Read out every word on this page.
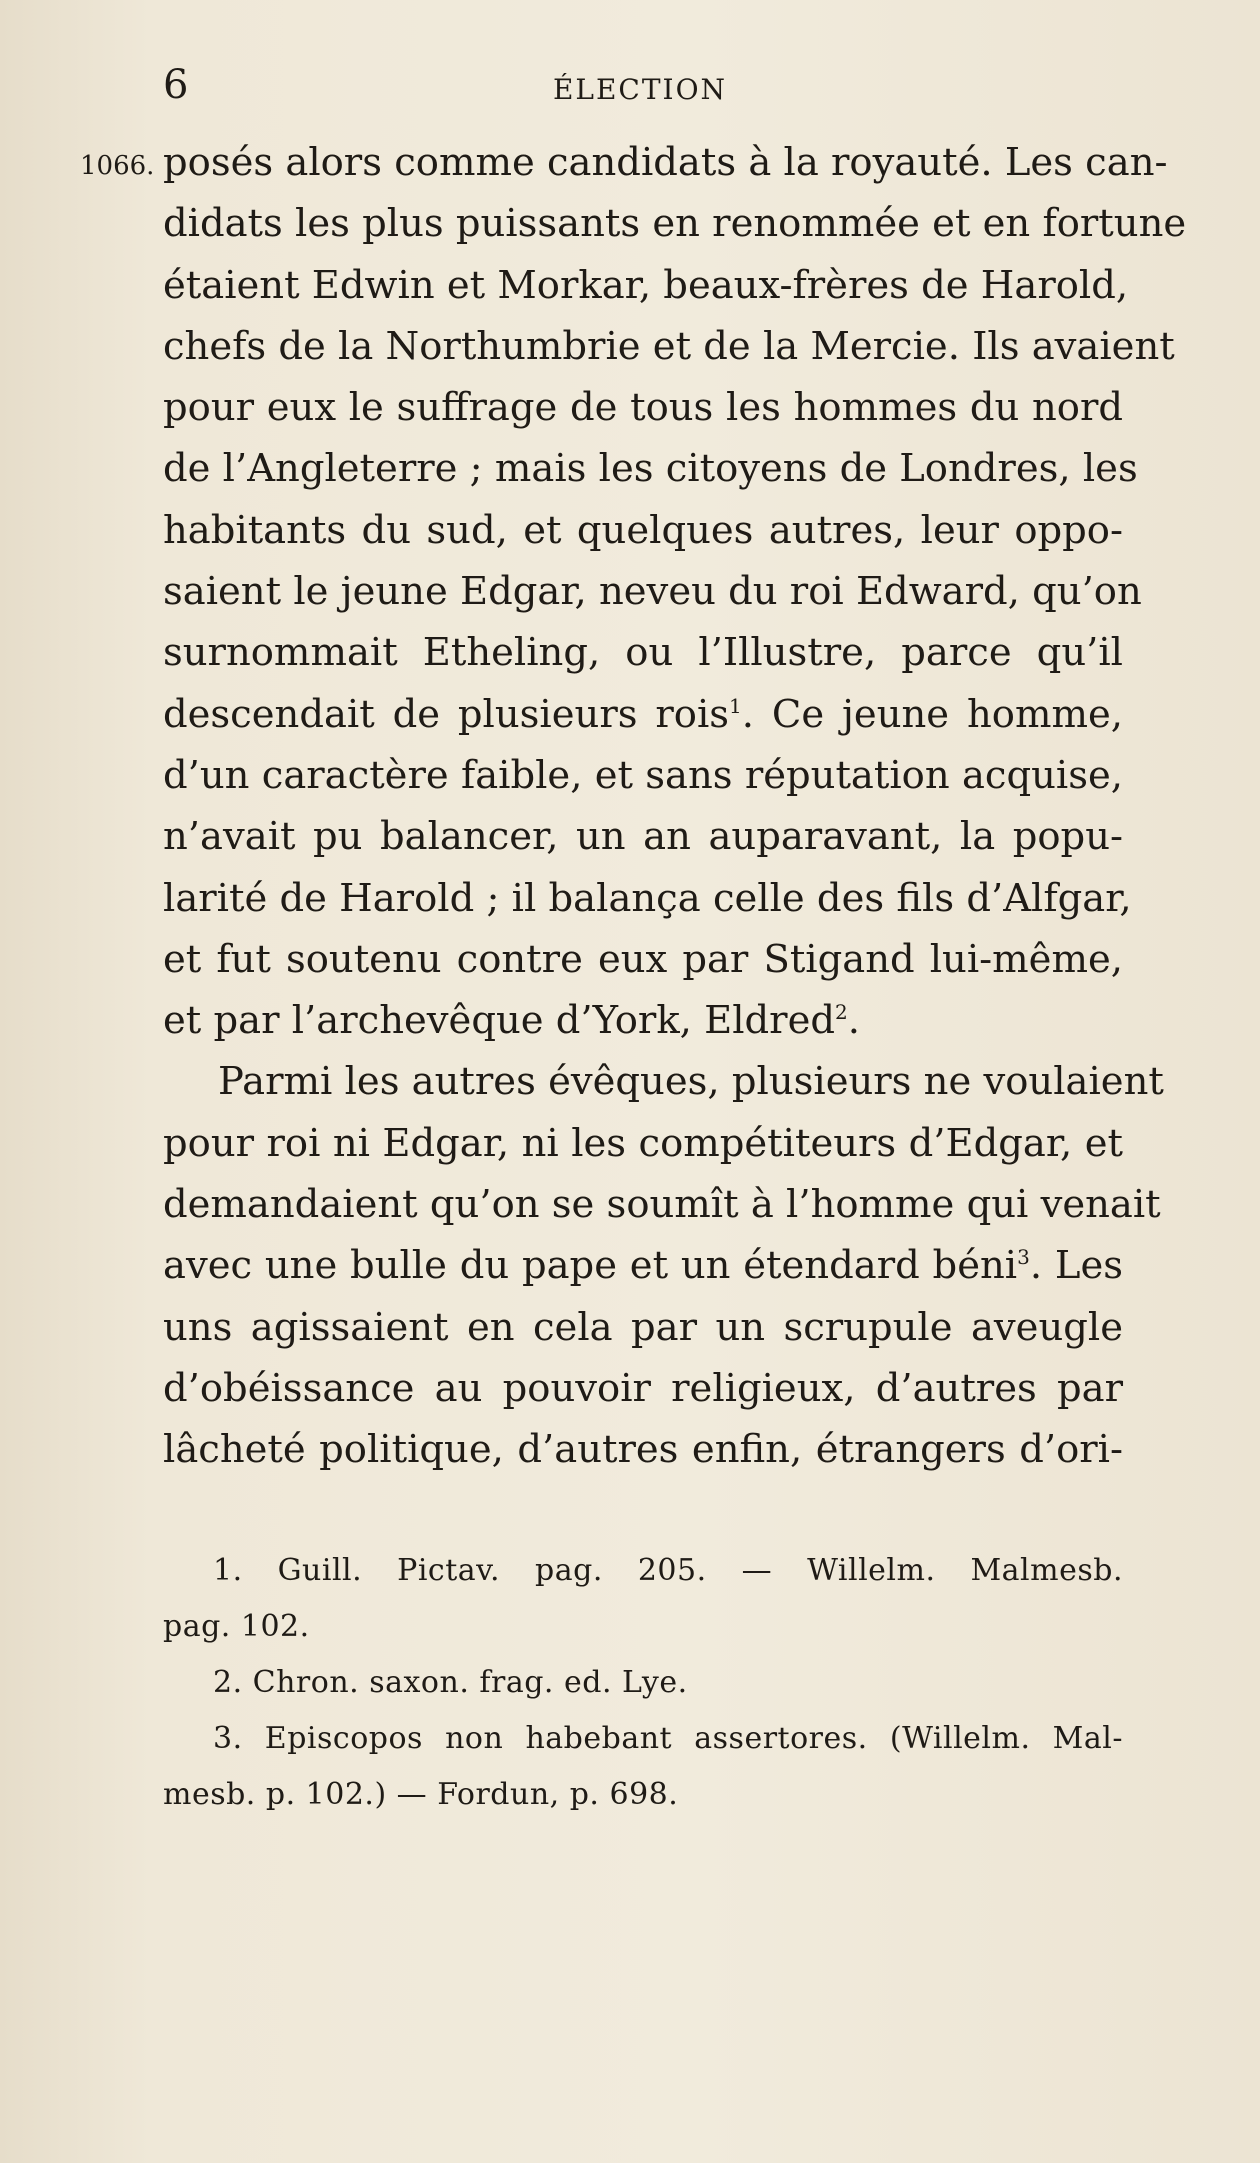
6	ÉLECTION
1066. posés alors comme candidats à la royauté. Les can-
didats les plus puissants en renommée et en fortune
étaient Edwin et Morkar, beaux-frères de Harold,
chefs de la Northumbrie et de la Mercie. Ils avaient
pour eux le suffrage de tous les hommes du nord
de l’Angleterre ; mais les citoyens de Londres, les
habitants du sud, et quelques autres, leur oppo-
saient le jeune Edgar, neveu du roi Edward, qu’on
surnommait Etheling, ou l’Illustre, parce qu’il
descendait de plusieurs rois$^1$. Ce jeune homme,
d’un caractère faible, et sans réputation acquise,
n’avait pu balancer, un an auparavant, la popu-
larité de Harold ; il balança celle des fils d’Alfgar,
et fut soutenu contre eux par Stigand lui-même,
et par l’archevêque d’York, Eldred$^2$.
Parmi les autres évêques, plusieurs ne voulaient
pour roi ni Edgar, ni les compétiteurs d’Edgar, et
demandaient qu’on se soumît à l’homme qui venait
avec une bulle du pape et un étendard béni$^3$. Les
uns agissaient en cela par un scrupule aveugle
d’obéissance au pouvoir religieux, d’autres par
lâcheté politique, d’autres enfin, étrangers d’ori-
1. Guill. Pictav. pag. 205. — Willelm. Malmesb.
pag. 102.
2. Chron. saxon. frag. ed. Lye.
3. Episcopos non habebant assertores. (Willelm. Mal-
mesb. p. 102.) — Fordun, p. 698.
